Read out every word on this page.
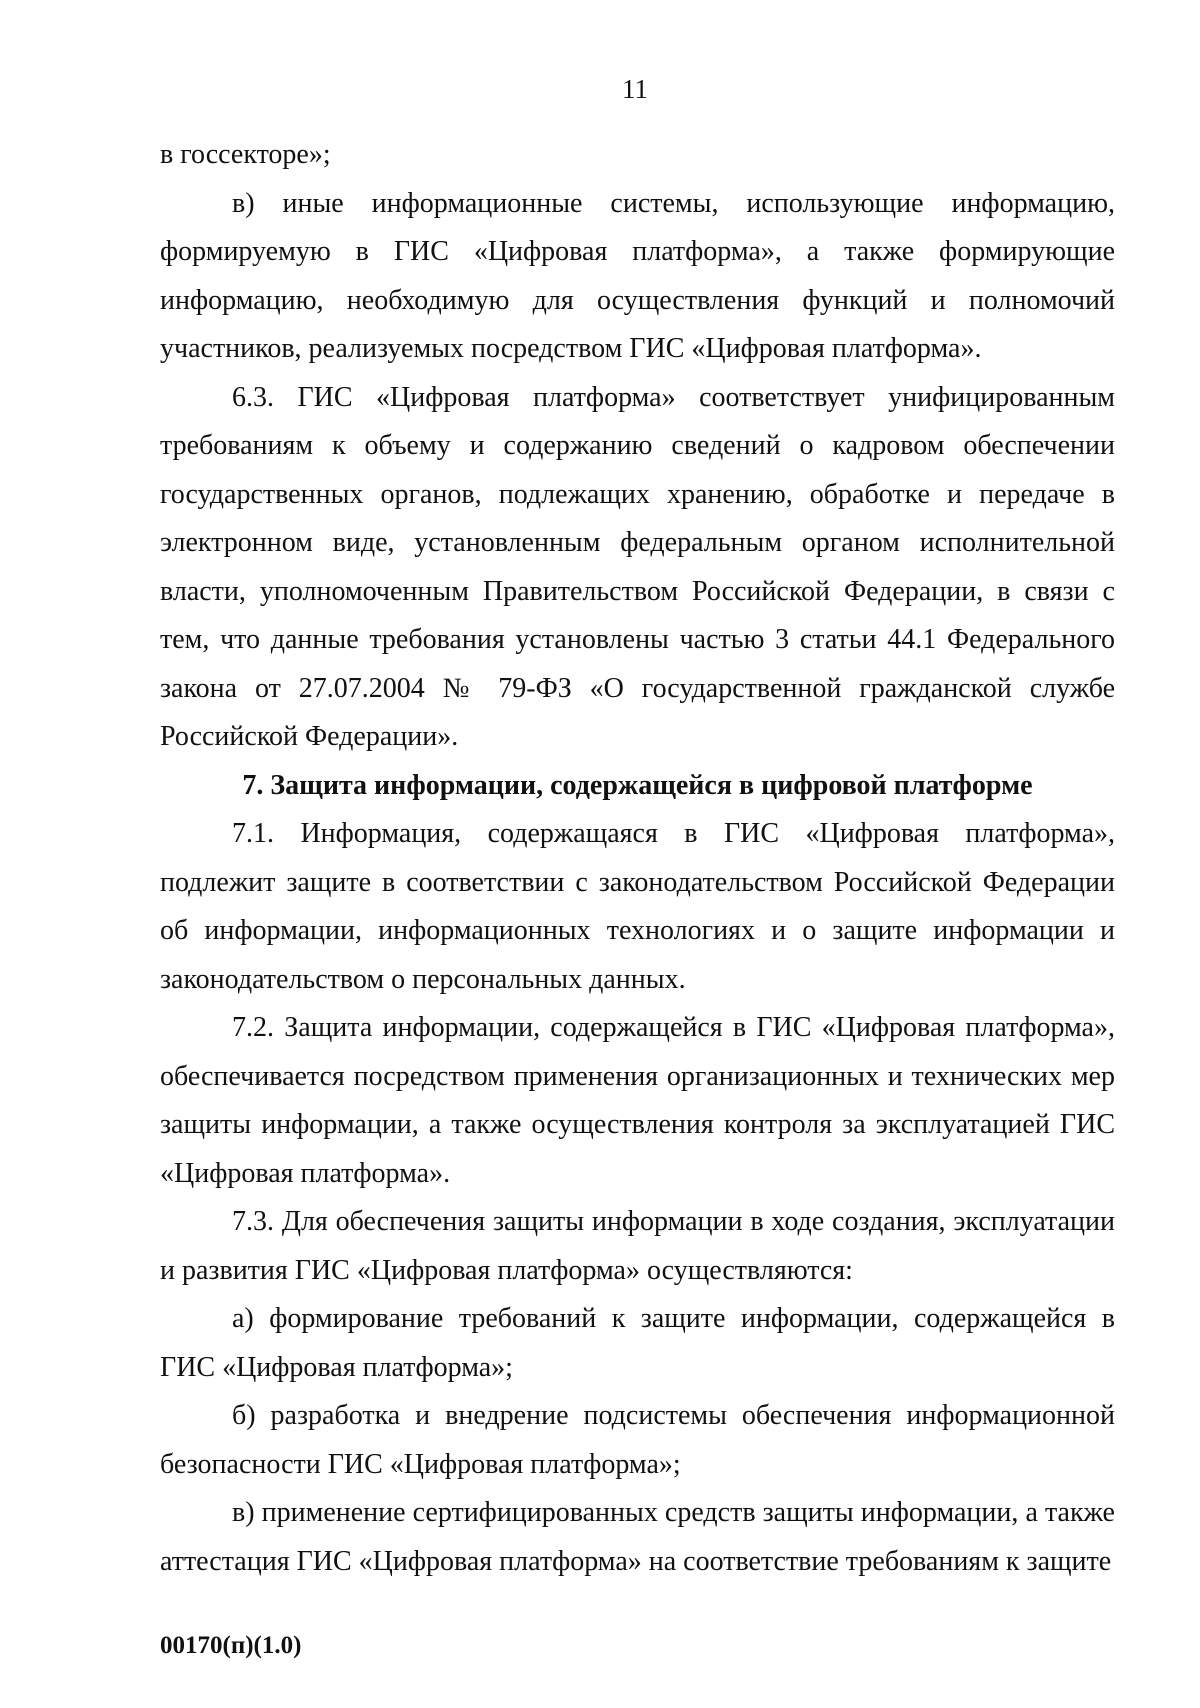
11

в госсекторе»;

в) иные информационные системы, использующие информацию, формируемую в ГИС «Цифровая платформа», а также формирующие информацию, необходимую для осуществления функций и полномочий участников, реализуемых посредством ГИС «Цифровая платформа».

6.3. ГИС «Цифровая платформа» соответствует унифицированным требованиям к объему и содержанию сведений о кадровом обеспечении государственных органов, подлежащих хранению, обработке и передаче в электронном виде, установленным федеральным органом исполнительной власти, уполномоченным Правительством Российской Федерации, в связи с тем, что данные требования установлены частью 3 статьи 44.1 Федерального закона от 27.07.2004 № 79-ФЗ «О государственной гражданской службе Российской Федерации».

7. Защита информации, содержащейся в цифровой платформе

7.1. Информация, содержащаяся в ГИС «Цифровая платформа», подлежит защите в соответствии с законодательством Российской Федерации об информации, информационных технологиях и о защите информации и законодательством о персональных данных.

7.2. Защита информации, содержащейся в ГИС «Цифровая платформа», обеспечивается посредством применения организационных и технических мер защиты информации, а также осуществления контроля за эксплуатацией ГИС «Цифровая платформа».

7.3. Для обеспечения защиты информации в ходе создания, эксплуатации и развития ГИС «Цифровая платформа» осуществляются:

а) формирование требований к защите информации, содержащейся в ГИС «Цифровая платформа»;

б) разработка и внедрение подсистемы обеспечения информационной безопасности ГИС «Цифровая платформа»;

в) применение сертифицированных средств защиты информации, а также аттестация ГИС «Цифровая платформа» на соответствие требованиям к защите

00170(п)(1.0)
